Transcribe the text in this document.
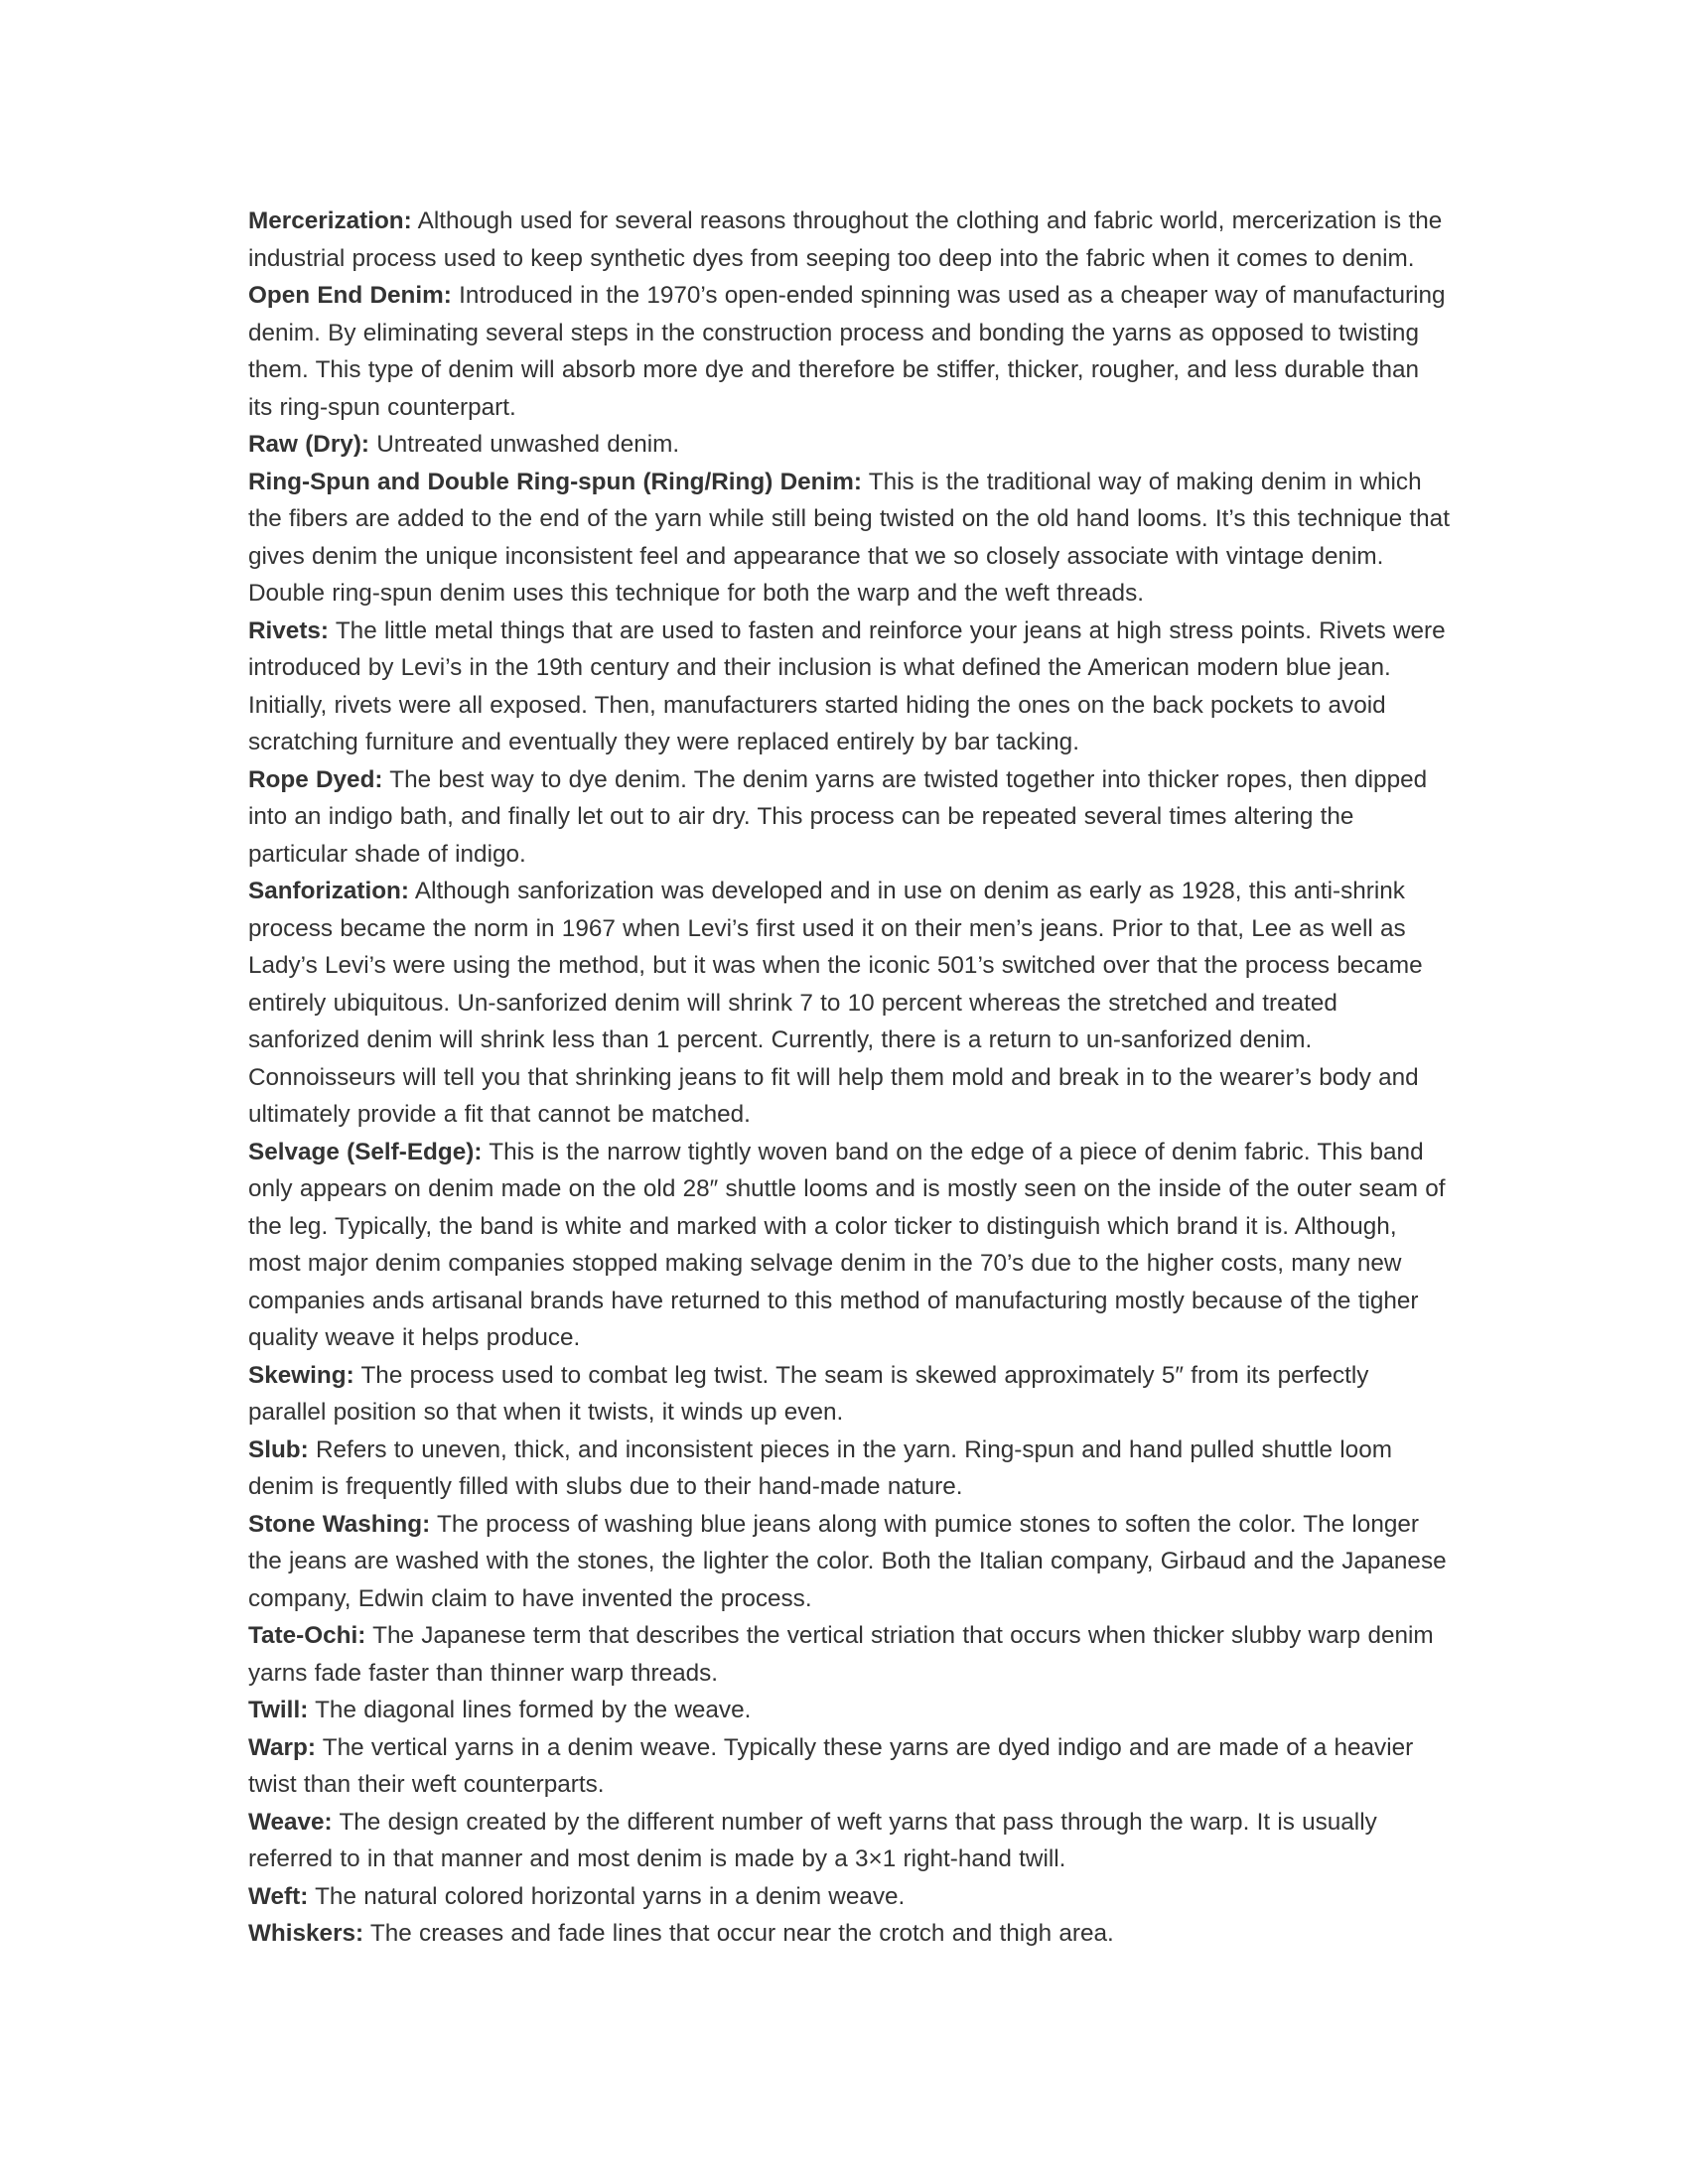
Mercerization: Although used for several reasons throughout the clothing and fabric world, mercerization is the industrial process used to keep synthetic dyes from seeping too deep into the fabric when it comes to denim.

Open End Denim: Introduced in the 1970’s open-ended spinning was used as a cheaper way of manufacturing denim. By eliminating several steps in the construction process and bonding the yarns as opposed to twisting them. This type of denim will absorb more dye and therefore be stiffer, thicker, rougher, and less durable than its ring-spun counterpart.

Raw (Dry): Untreated unwashed denim.

Ring-Spun and Double Ring-spun (Ring/Ring) Denim: This is the traditional way of making denim in which the fibers are added to the end of the yarn while still being twisted on the old hand looms. It’s this technique that gives denim the unique inconsistent feel and appearance that we so closely associate with vintage denim. Double ring-spun denim uses this technique for both the warp and the weft threads.

Rivets: The little metal things that are used to fasten and reinforce your jeans at high stress points. Rivets were introduced by Levi’s in the 19th century and their inclusion is what defined the American modern blue jean. Initially, rivets were all exposed. Then, manufacturers started hiding the ones on the back pockets to avoid scratching furniture and eventually they were replaced entirely by bar tacking.

Rope Dyed: The best way to dye denim. The denim yarns are twisted together into thicker ropes, then dipped into an indigo bath, and finally let out to air dry. This process can be repeated several times altering the particular shade of indigo.

Sanforization: Although sanforization was developed and in use on denim as early as 1928, this anti-shrink process became the norm in 1967 when Levi’s first used it on their men’s jeans. Prior to that, Lee as well as Lady’s Levi’s were using the method, but it was when the iconic 501’s switched over that the process became entirely ubiquitous. Un-sanforized denim will shrink 7 to 10 percent whereas the stretched and treated sanforized denim will shrink less than 1 percent. Currently, there is a return to un-sanforized denim. Connoisseurs will tell you that shrinking jeans to fit will help them mold and break in to the wearer’s body and ultimately provide a fit that cannot be matched.

Selvage (Self-Edge): This is the narrow tightly woven band on the edge of a piece of denim fabric. This band only appears on denim made on the old 28″ shuttle looms and is mostly seen on the inside of the outer seam of the leg. Typically, the band is white and marked with a color ticker to distinguish which brand it is. Although, most major denim companies stopped making selvage denim in the 70’s due to the higher costs, many new companies ands artisanal brands have returned to this method of manufacturing mostly because of the tigher quality weave it helps produce.

Skewing: The process used to combat leg twist. The seam is skewed approximately 5″ from its perfectly parallel position so that when it twists, it winds up even.

Slub: Refers to uneven, thick, and inconsistent pieces in the yarn. Ring-spun and hand pulled shuttle loom denim is frequently filled with slubs due to their hand-made nature.

Stone Washing: The process of washing blue jeans along with pumice stones to soften the color. The longer the jeans are washed with the stones, the lighter the color. Both the Italian company, Girbaud and the Japanese company, Edwin claim to have invented the process.

Tate-Ochi: The Japanese term that describes the vertical striation that occurs when thicker slubby warp denim yarns fade faster than thinner warp threads.

Twill: The diagonal lines formed by the weave.

Warp: The vertical yarns in a denim weave. Typically these yarns are dyed indigo and are made of a heavier twist than their weft counterparts.

Weave: The design created by the different number of weft yarns that pass through the warp. It is usually referred to in that manner and most denim is made by a 3×1 right-hand twill.

Weft: The natural colored horizontal yarns in a denim weave.

Whiskers: The creases and fade lines that occur near the crotch and thigh area.
